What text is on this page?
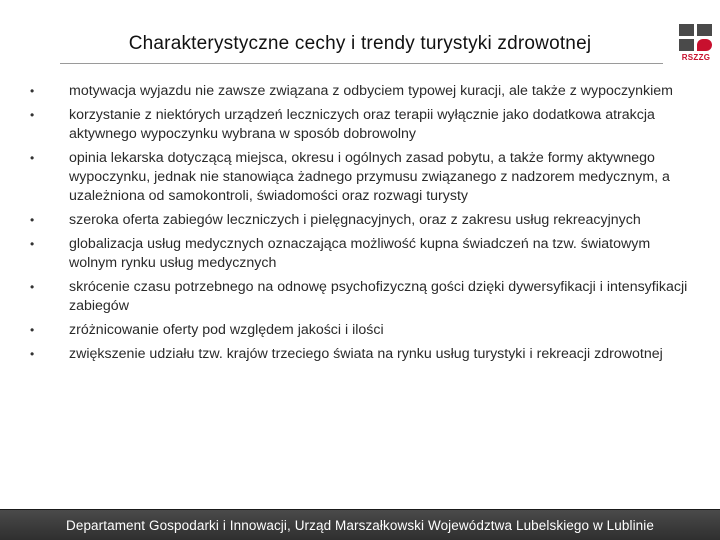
Charakterystyczne cechy i trendy turystyki zdrowotnej
RSZZG
• motywacja wyjazdu nie zawsze związana z odbyciem typowej kuracji, ale także z wypoczynkiem
• korzystanie z niektórych urządzeń leczniczych oraz terapii wyłącznie jako dodatkowa atrakcja aktywnego wypoczynku wybrana w sposób dobrowolny
• opinia lekarska dotyczącą miejsca, okresu i ogólnych zasad pobytu, a także formy aktywnego wypoczynku, jednak nie stanowiąca żadnego przymusu związanego z nadzorem medycznym, a uzależniona od samokontroli, świadomości oraz rozwagi turysty
• szeroka oferta zabiegów leczniczych i pielęgnacyjnych, oraz z zakresu usług rekreacyjnych
• globalizacja usług medycznych oznaczająca możliwość kupna świadczeń na tzw. światowym wolnym rynku usług medycznych
• skrócenie czasu potrzebnego na odnowę psychofizyczną gości dzięki dywersyfikacji i intensyfikacji zabiegów
• zróżnicowanie oferty pod względem jakości i ilości
• zwiększenie udziału tzw. krajów trzeciego świata na rynku usług turystyki i rekreacji zdrowotnej
Departament Gospodarki i Innowacji, Urząd Marszałkowski Województwa Lubelskiego w Lublinie
